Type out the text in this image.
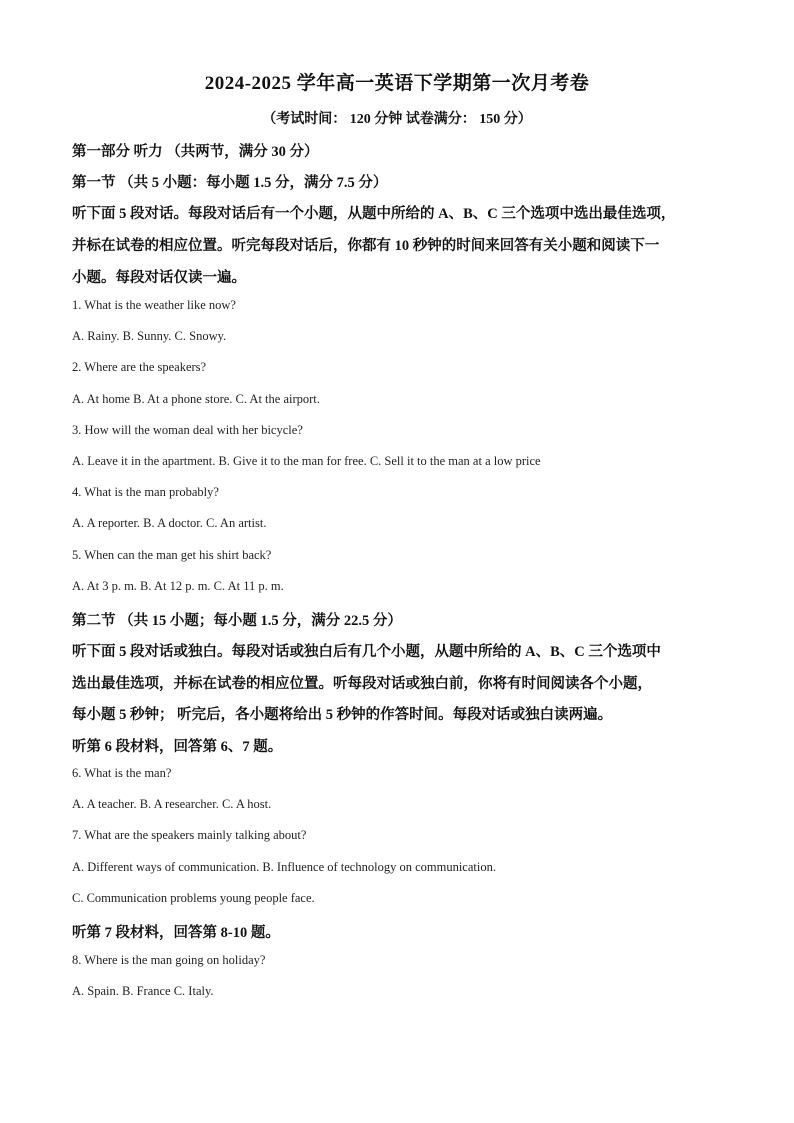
2024-2025 学年高一英语下学期第一次月考卷
（考试时间： 120 分钟 试卷满分： 150 分）
第一部分 听力 （共两节，满分 30 分）
第一节 （共 5 小题：每小题 1.5 分，满分 7.5 分）
听下面 5 段对话。每段对话后有一个小题，从题中所给的 A、B、C 三个选项中选出最佳选项，
并标在试卷的相应位置。听完每段对话后，你都有 10 秒钟的时间来回答有关小题和阅读下一
小题。每段对话仅读一遍。
1. What is the weather like now?
A. Rainy. B. Sunny. C. Snowy.
2. Where are the speakers?
A. At home B. At a phone store. C. At the airport.
3. How will the woman deal with her bicycle?
A. Leave it in the apartment. B. Give it to the man for free. C. Sell it to the man at a low price
4. What is the man probably?
A. A reporter. B. A doctor. C. An artist.
5. When can the man get his shirt back?
A. At 3 p. m. B. At 12 p. m. C. At 11 p. m.
第二节 （共 15 小题；每小题 1.5 分，满分 22.5 分）
听下面 5 段对话或独白。每段对话或独白后有几个小题，从题中所给的 A、B、C 三个选项中
选出最佳选项，并标在试卷的相应位置。听每段对话或独白前，你将有时间阅读各个小题，
每小题 5 秒钟； 听完后，各小题将给出 5 秒钟的作答时间。每段对话或独白读两遍。
听第 6 段材料，回答第 6、7 题。
6. What is the man?
A. A teacher. B. A researcher. C. A host.
7. What are the speakers mainly talking about?
A. Different ways of communication. B. Influence of technology on communication.
C. Communication problems young people face.
听第 7 段材料，回答第 8-10 题。
8. Where is the man going on holiday?
A. Spain. B. France C. Italy.
